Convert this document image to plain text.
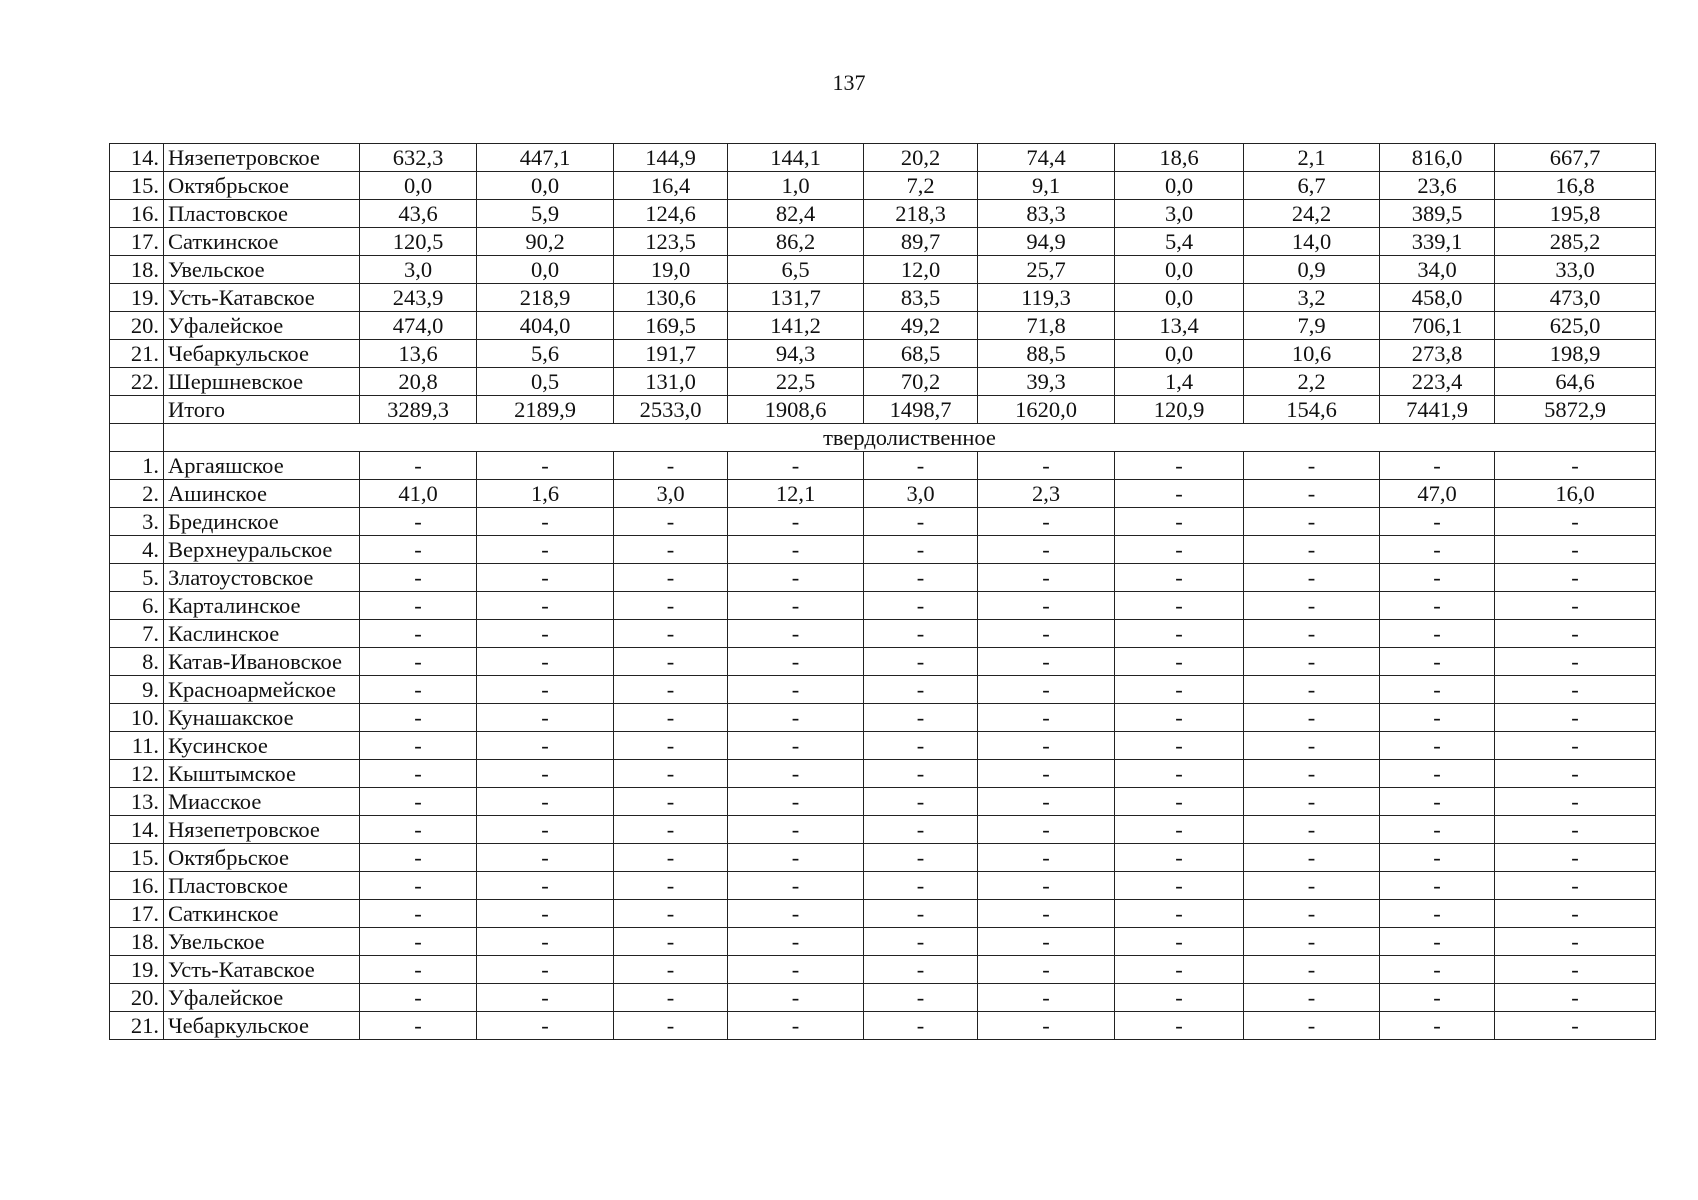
137
14.	Нязепетровское	632,3	447,1	144,9	144,1	20,2	74,4	18,6	2,1	816,0	667,7
15.	Октябрьское	0,0	0,0	16,4	1,0	7,2	9,1	0,0	6,7	23,6	16,8
16.	Пластовское	43,6	5,9	124,6	82,4	218,3	83,3	3,0	24,2	389,5	195,8
17.	Саткинское	120,5	90,2	123,5	86,2	89,7	94,9	5,4	14,0	339,1	285,2
18.	Увельское	3,0	0,0	19,0	6,5	12,0	25,7	0,0	0,9	34,0	33,0
19.	Усть-Катавское	243,9	218,9	130,6	131,7	83,5	119,3	0,0	3,2	458,0	473,0
20.	Уфалейское	474,0	404,0	169,5	141,2	49,2	71,8	13,4	7,9	706,1	625,0
21.	Чебаркульское	13,6	5,6	191,7	94,3	68,5	88,5	0,0	10,6	273,8	198,9
22.	Шершневское	20,8	0,5	131,0	22,5	70,2	39,3	1,4	2,2	223,4	64,6
	Итого	3289,3	2189,9	2533,0	1908,6	1498,7	1620,0	120,9	154,6	7441,9	5872,9
	твердолиственное										
1.	Аргаяшское	-	-	-	-	-	-	-	-	-	-
2.	Ашинское	41,0	1,6	3,0	12,1	3,0	2,3	-	-	47,0	16,0
3.	Брединское	-	-	-	-	-	-	-	-	-	-
4.	Верхнеуральское	-	-	-	-	-	-	-	-	-	-
5.	Златоустовское	-	-	-	-	-	-	-	-	-	-
6.	Карталинское	-	-	-	-	-	-	-	-	-	-
7.	Каслинское	-	-	-	-	-	-	-	-	-	-
8.	Катав-Ивановское	-	-	-	-	-	-	-	-	-	-
9.	Красноармейское	-	-	-	-	-	-	-	-	-	-
10.	Кунашакское	-	-	-	-	-	-	-	-	-	-
11.	Кусинское	-	-	-	-	-	-	-	-	-	-
12.	Кыштымское	-	-	-	-	-	-	-	-	-	-
13.	Миасское	-	-	-	-	-	-	-	-	-	-
14.	Нязепетровское	-	-	-	-	-	-	-	-	-	-
15.	Октябрьское	-	-	-	-	-	-	-	-	-	-
16.	Пластовское	-	-	-	-	-	-	-	-	-	-
17.	Саткинское	-	-	-	-	-	-	-	-	-	-
18.	Увельское	-	-	-	-	-	-	-	-	-	-
19.	Усть-Катавское	-	-	-	-	-	-	-	-	-	-
20.	Уфалейское	-	-	-	-	-	-	-	-	-	-
21.	Чебаркульское	-	-	-	-	-	-	-	-	-	-
